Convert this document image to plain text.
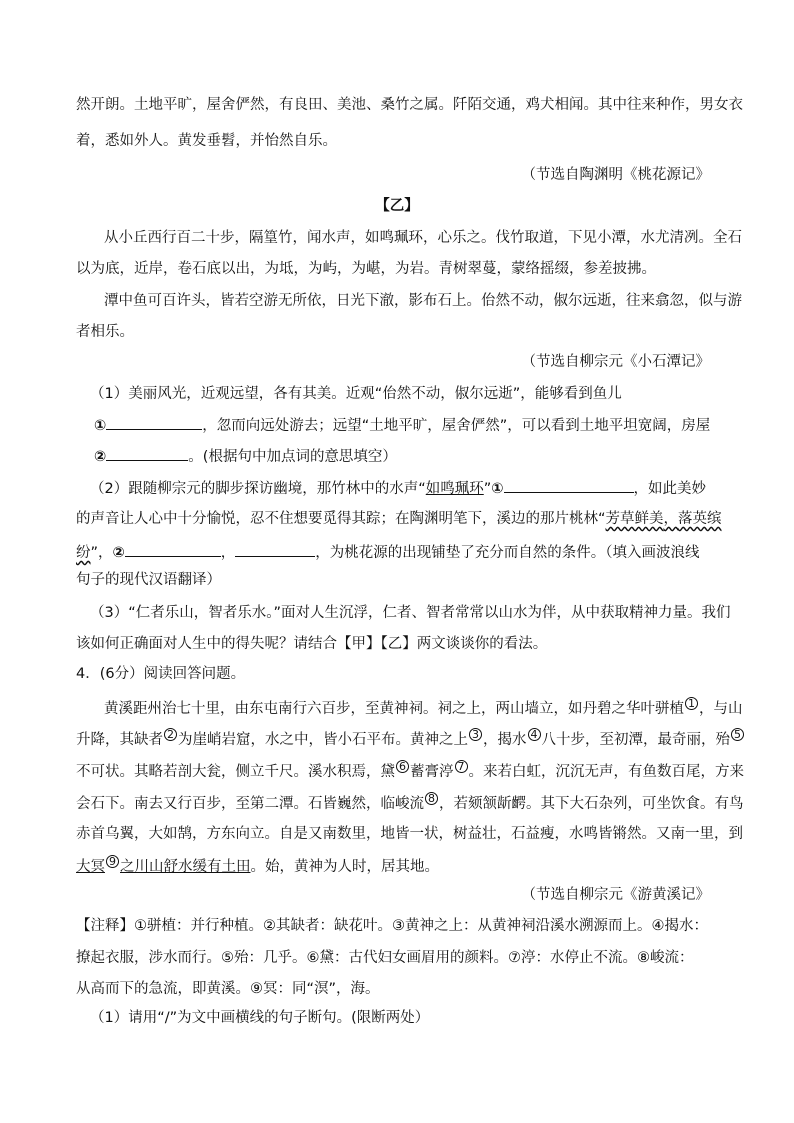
然开朗。土地平旷，屋舍俨然，有良田、美池、桑竹之属。阡陌交通，鸡犬相闻。其中往来种作，男女衣
着，悉如外人。黄发垂髫，并怡然自乐。
（节选自陶渊明《桃花源记》
【乙】
从小丘西行百二十步，隔篁竹，闻水声，如鸣珮环，心乐之。伐竹取道，下见小潭，水尤清冽。全石
以为底，近岸，卷石底以出，为坻，为屿，为嵁，为岩。青树翠蔓，蒙络摇缀，参差披拂。
潭中鱼可百许头，皆若空游无所依，日光下澈，影布石上。佁然不动，俶尔远逝，往来翕忽，似与游
者相乐。
（节选自柳宗元《小石潭记》
（1）美丽风光，近观远望，各有其美。近观“佁然不动，俶尔远逝”，能够看到鱼儿
①	，忽而向远处游去；远望“土地平旷，屋舍俨然”，可以看到土地平坦宽阔，房屋
②	。(根据句中加点词的意思填空）
（2）跟随柳宗元的脚步探访幽境，那竹林中的水声“如鸣珮环”①	，如此美妙
的声音让人心中十分愉悦，忍不住想要觅得其踪；在陶渊明笔下，溪边的那片桃林“芳草鲜美，落英缤
纷”，②	，	，为桃花源的出现铺垫了充分而自然的条件。（填入画波浪线
句子的现代汉语翻译）
（3）“仁者乐山，智者乐水。”面对人生沉浮，仁者、智者常常以山水为伴，从中获取精神力量。我们
该如何正确面对人生中的得失呢？请结合【甲】【乙】两文谈谈你的看法。
4．(6分）阅读回答问题。
黄溪距州治七十里，由东屯南行六百步，至黄神祠。祠之上，两山墙立，如丹碧之华叶骈植 1 ，与山
升降，其缺者 2 为崖峭岩窟，水之中，皆小石平布。黄神之上 3 ，揭水 4 八十步，至初潭，最奇丽，殆 5
不可状。其略若剖大瓮，侧立千尺。溪水积焉，黛 6 蓄膏渟 7 。来若白虹，沉沉无声，有鱼数百尾，方来
会石下。南去又行百步，至第二潭。石皆巍然，临峻流 8 ，若颏颔龂齶。其下大石杂列，可坐饮食。有鸟
赤首乌翼，大如鹄，方东向立。自是又南数里，地皆一状，树益壮，石益瘦，水鸣皆锵然。又南一里，到
大冥 9 之川山舒水缓有土田。始，黄神为人时，居其地。
（节选自柳宗元《游黄溪记》
【注释】①骈植：并行种植。②其缺者：缺花叶。③黄神之上：从黄神祠沿溪水溯源而上。④揭水：
撩起衣服，涉水而行。⑤殆：几乎。⑥黛：古代妇女画眉用的颜料。⑦渟：水停止不流。⑧峻流：
从高而下的急流，即黄溪。⑨冥：同“溟”，海。
（1）请用“/”为文中画横线的句子断句。(限断两处）
